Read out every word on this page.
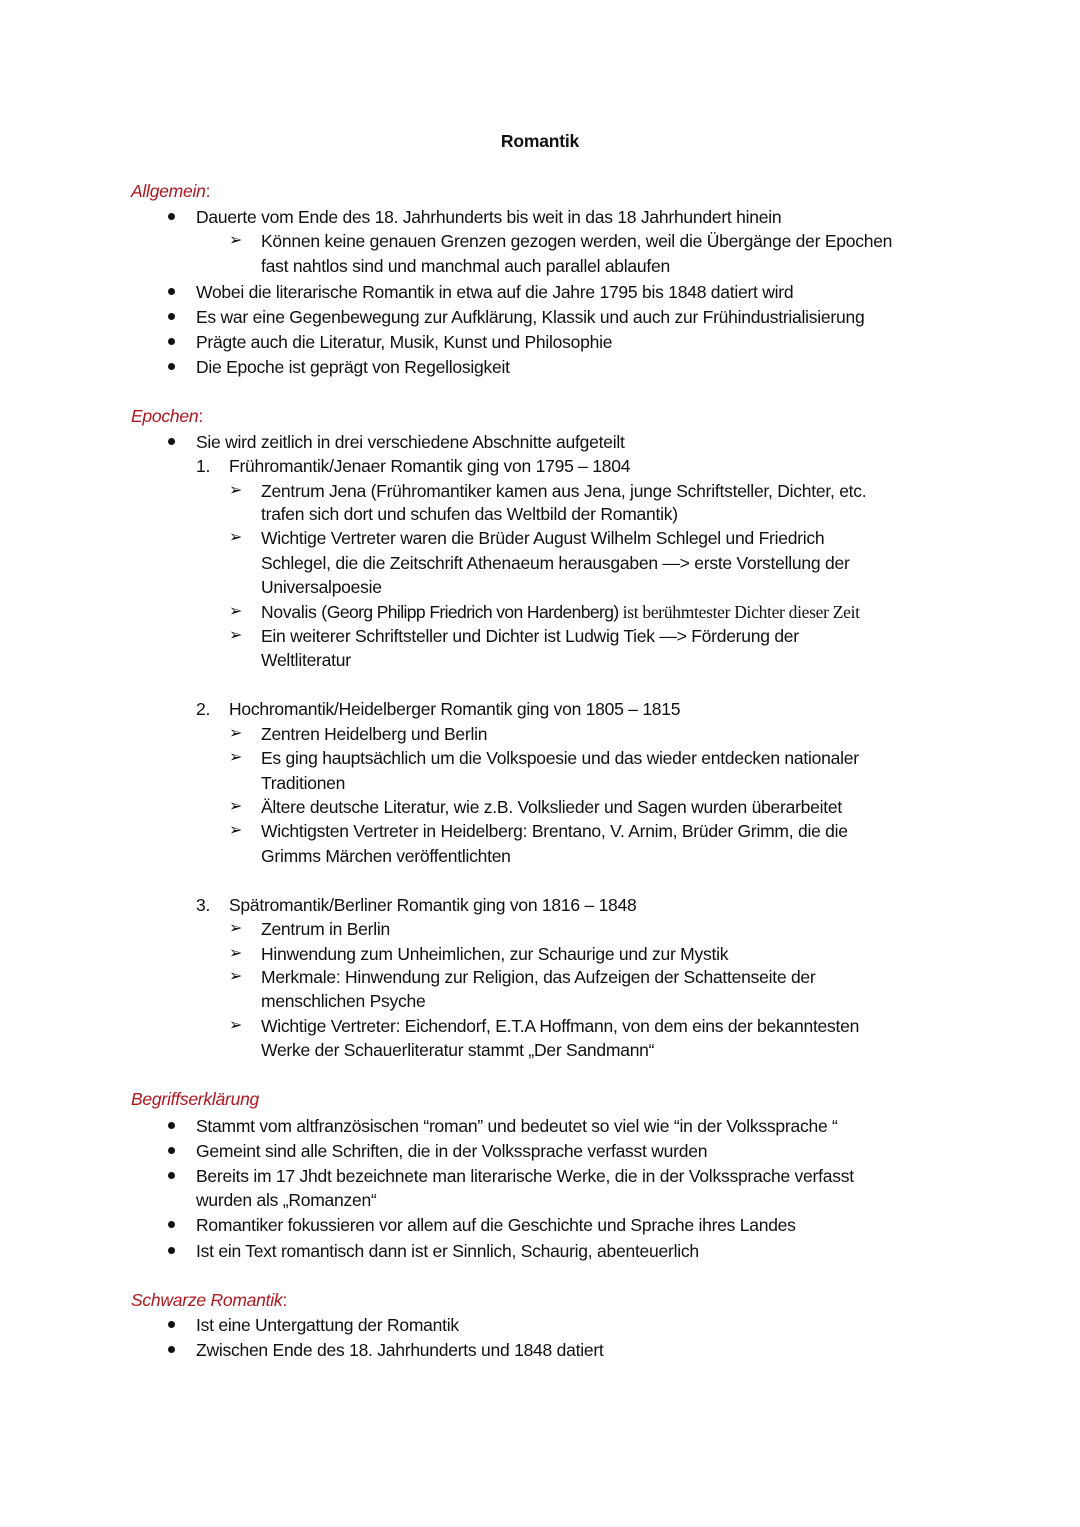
Romantik
Allgemein:
Dauerte vom Ende des 18. Jahrhunderts bis weit in das 18 Jahrhundert hinein
➢ Können keine genauen Grenzen gezogen werden, weil die Übergänge der Epochen
fast nahtlos sind und manchmal auch parallel ablaufen
Wobei die literarische Romantik in etwa auf die Jahre 1795 bis 1848 datiert wird
Es war eine Gegenbewegung zur Aufklärung, Klassik und auch zur Frühindustrialisierung
Prägte auch die Literatur, Musik, Kunst und Philosophie
Die Epoche ist geprägt von Regellosigkeit
Epochen:
Sie wird zeitlich in drei verschiedene Abschnitte aufgeteilt
1. Frühromantik/Jenaer Romantik ging von 1795 – 1804
➢ Zentrum Jena (Frühromantiker kamen aus Jena, junge Schriftsteller, Dichter, etc.
trafen sich dort und schufen das Weltbild der Romantik)
➢ Wichtige Vertreter waren die Brüder August Wilhelm Schlegel und Friedrich
Schlegel, die die Zeitschrift Athenaeum herausgaben —> erste Vorstellung der
Universalpoesie
➢ Novalis (Georg Philipp Friedrich von Hardenberg) ist berühmtester Dichter dieser Zeit
➢ Ein weiterer Schriftsteller und Dichter ist Ludwig Tiek —> Förderung der
Weltliteratur
2. Hochromantik/Heidelberger Romantik ging von 1805 – 1815
➢ Zentren Heidelberg und Berlin
➢ Es ging hauptsächlich um die Volkspoesie und das wieder entdecken nationaler
Traditionen
➢ Ältere deutsche Literatur, wie z.B. Volkslieder und Sagen wurden überarbeitet
➢ Wichtigsten Vertreter in Heidelberg: Brentano, V. Arnim, Brüder Grimm, die die
Grimms Märchen veröffentlichten
3. Spätromantik/Berliner Romantik ging von 1816 – 1848
➢ Zentrum in Berlin
➢ Hinwendung zum Unheimlichen, zur Schaurige und zur Mystik
➢ Merkmale: Hinwendung zur Religion, das Aufzeigen der Schattenseite der
menschlichen Psyche
➢ Wichtige Vertreter: Eichendorf, E.T.A Hoffmann, von dem eins der bekanntesten
Werke der Schauerliteratur stammt „Der Sandmann“
Begriffserklärung
Stammt vom altfranzösischen “roman” und bedeutet so viel wie “in der Volkssprache “
Gemeint sind alle Schriften, die in der Volkssprache verfasst wurden
Bereits im 17 Jhdt bezeichnete man literarische Werke, die in der Volkssprache verfasst
wurden als „Romanzen“
Romantiker fokussieren vor allem auf die Geschichte und Sprache ihres Landes
Ist ein Text romantisch dann ist er Sinnlich, Schaurig, abenteuerlich
Schwarze Romantik:
Ist eine Untergattung der Romantik
Zwischen Ende des 18. Jahrhunderts und 1848 datiert
